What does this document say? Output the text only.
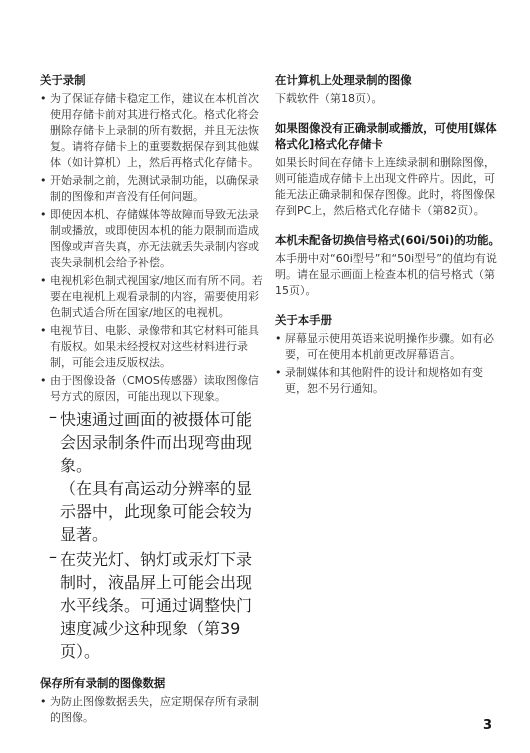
关于录制
• 为了保证存储卡稳定工作，建议在本机首次使用存储卡前对其进行格式化。格式化将会删除存储卡上录制的所有数据，并且无法恢复。请将存储卡上的重要数据保存到其他媒体（如计算机）上，然后再格式化存储卡。
• 开始录制之前，先测试录制功能，以确保录制的图像和声音没有任何问题。
• 即使因本机、存储媒体等故障而导致无法录制或播放，或即使因本机的能力限制而造成图像或声音失真，亦无法就丢失录制内容或丧失录制机会给予补偿。
• 电视机彩色制式视国家/地区而有所不同。若要在电视机上观看录制的内容，需要使用彩色制式适合所在国家/地区的电视机。
• 电视节目、电影、录像带和其它材料可能具有版权。如果未经授权对这些材料进行录制，可能会违反版权法。
• 由于图像设备（CMOS传感器）读取图像信号方式的原因，可能出现以下现象。
– 快速通过画面的被摄体可能会因录制条件而出现弯曲现象。
（在具有高运动分辨率的显示器中，此现象可能会较为显著。
– 在荧光灯、钠灯或汞灯下录制时，液晶屏上可能会出现水平线条。可通过调整快门速度减少这种现象（第39页）。
保存所有录制的图像数据
• 为防止图像数据丢失，应定期保存所有录制的图像。
在计算机上处理录制的图像

下载软件（第18页）。

如果图像没有正确录制或播放，可使用[媒体格式化]格式化存储卡

如果长时间在存储卡上连续录制和删除图像，则可能造成存储卡上出现文件碎片。因此，可能无法正确录制和保存图像。此时，将图像保存到PC上，然后格式化存储卡（第82页）。

本机未配备切换信号格式(60i/50i)的功能。

本手册中对“60i型号”和“50i型号”的值均有说明。请在显示画面上检查本机的信号格式（第15页）。

关于本手册
• 屏幕显示使用英语来说明操作步骤。如有必要，可在使用本机前更改屏幕语言。
• 录制媒体和其他附件的设计和规格如有变更，恕不另行通知。
3
